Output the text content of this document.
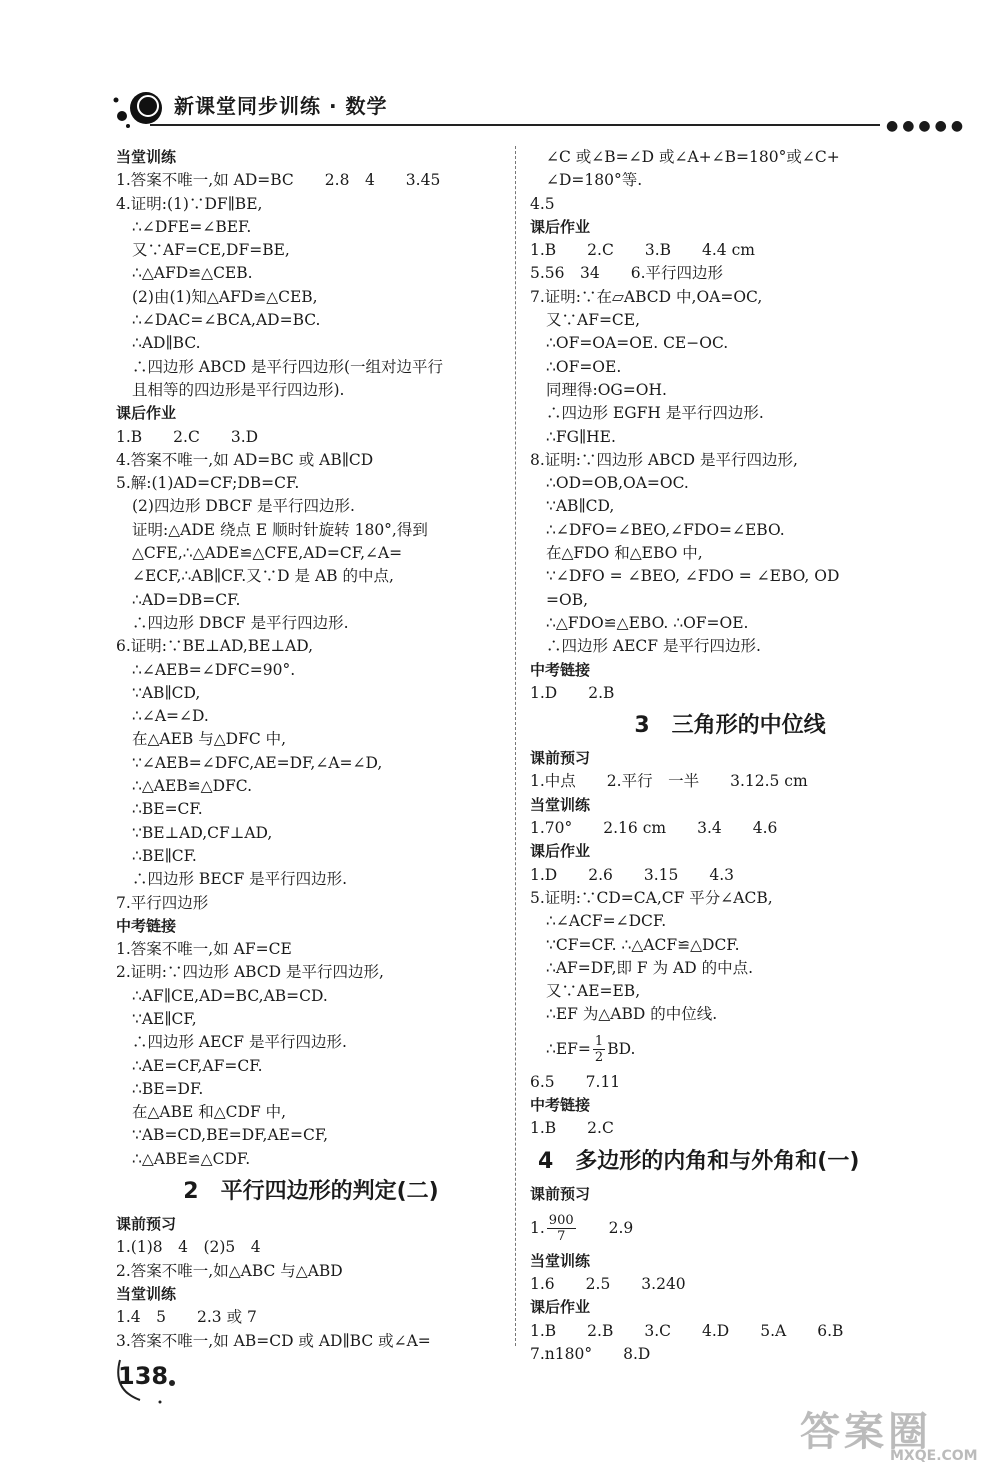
新课堂同步训练 · 数学
●●●●●
当堂训练
1.答案不唯一,如 AD=BC　　2.8　4　　3.45
4.证明:(1)∵DF∥BE,
∴∠DFE=∠BEF.
又∵AF=CE,DF=BE,
∴△AFD≌△CEB.
(2)由(1)知△AFD≌△CEB,
∴∠DAC=∠BCA,AD=BC.
∴AD∥BC.
∴四边形 ABCD 是平行四边形(一组对边平行
且相等的四边形是平行四边形).
课后作业
1.B　　2.C　　3.D
4.答案不唯一,如 AD=BC 或 AB∥CD
5.解:(1)AD=CF;DB=CF.
(2)四边形 DBCF 是平行四边形.
证明:△ADE 绕点 E 顺时针旋转 180°,得到
△CFE,∴△ADE≌△CFE,AD=CF,∠A=
∠ECF,∴AB∥CF.又∵D 是 AB 的中点,
∴AD=DB=CF.
∴四边形 DBCF 是平行四边形.
6.证明:∵BE⊥AD,BE⊥AD,
∴∠AEB=∠DFC=90°.
∵AB∥CD,
∴∠A=∠D.
在△AEB 与△DFC 中,
∵∠AEB=∠DFC,AE=DF,∠A=∠D,
∴△AEB≌△DFC.
∴BE=CF.
∵BE⊥AD,CF⊥AD,
∴BE∥CF.
∴四边形 BECF 是平行四边形.
7.平行四边形
中考链接
1.答案不唯一,如 AF=CE
2.证明:∵四边形 ABCD 是平行四边形,
∴AF∥CE,AD=BC,AB=CD.
∵AE∥CF,
∴四边形 AECF 是平行四边形.
∴AE=CF,AF=CF.
∴BE=DF.
在△ABE 和△CDF 中,
∵AB=CD,BE=DF,AE=CF,
∴△ABE≌△CDF.
2　平行四边形的判定(二)
课前预习
1.(1)8　4　(2)5　4
2.答案不唯一,如△ABC 与△ABD
当堂训练
1.4　5　　2.3 或 7
3.答案不唯一,如 AB=CD 或 AD∥BC 或∠A=
∠C 或∠B=∠D 或∠A+∠B=180°或∠C+
∠D=180°等.
4.5
课后作业
1.B　　2.C　　3.B　　4.4 cm
5.56　34　　6.平行四边形
7.证明:∵在▱ABCD 中,OA=OC,
又∵AF=CE,
∴OF=OA=OE. CE−OC.
∴OF=OE.
同理得:OG=OH.
∴四边形 EGFH 是平行四边形.
∴FG∥HE.
8.证明:∵四边形 ABCD 是平行四边形,
∴OD=OB,OA=OC.
∵AB∥CD,
∴∠DFO=∠BEO,∠FDO=∠EBO.
在△FDO 和△EBO 中,
∵∠DFO = ∠BEO, ∠FDO = ∠EBO, OD
=OB,
∴△FDO≌△EBO. ∴OF=OE.
∴四边形 AECF 是平行四边形.
中考链接
1.D　　2.B
3　三角形的中位线
课前预习
1.中点　　2.平行　一半　　3.12.5 cm
当堂训练
1.70°　　2.16 cm　　3.4　　4.6
课后作业
1.D　　2.6　　3.15　　4.3
5.证明:∵CD=CA,CF 平分∠ACB,
∴∠ACF=∠DCF.
∵CF=CF. ∴△ACF≌△DCF.
∴AF=DF,即 F 为 AD 的中点.
又∵AE=EB,
∴EF 为△ABD 的中位线.
∴EF= $\frac{1}{2}$ BD.
6.5　　7.11
中考链接
1.B　　2.C
4　多边形的内角和与外角和(一)
课前预习
1. $\frac{900}{7}$ 　　2.9
当堂训练
1.6　　2.5　　3.240
课后作业
1.B　　2.B　　3.C　　4.D　　5.A　　6.B
7.n180°　　8.D
138
答案圈
MXQE.COM
